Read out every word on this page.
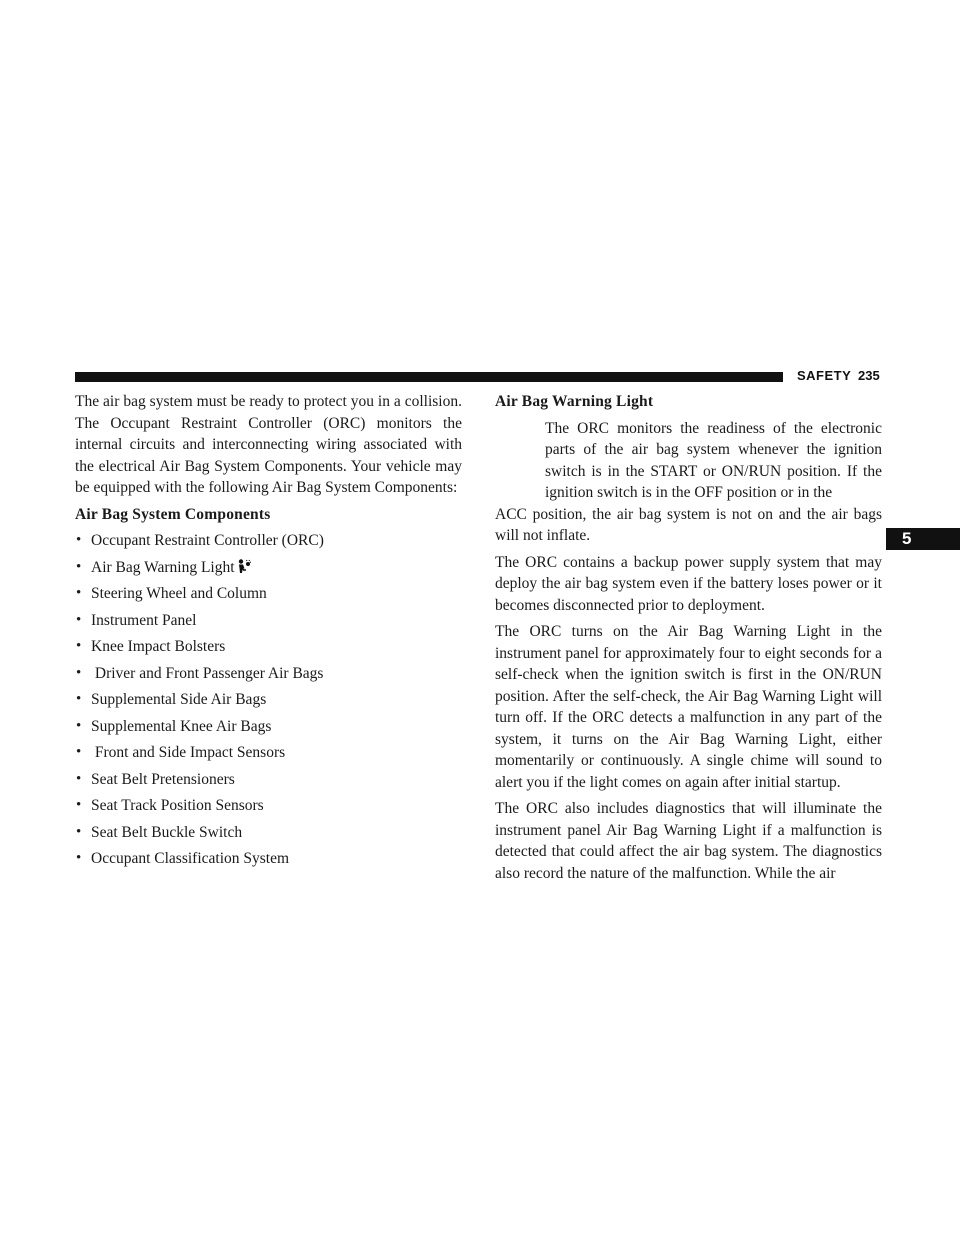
SAFETY 235
5

The air bag system must be ready to protect you in a collision. The Occupant Restraint Controller (ORC) monitors the internal circuits and interconnecting wiring associated with the electrical Air Bag System Components. Your vehicle may be equipped with the following Air Bag System Components:

Air Bag System Components
• Occupant Restraint Controller (ORC)
• Air Bag Warning Light
• Steering Wheel and Column
• Instrument Panel
• Knee Impact Bolsters
• Driver and Front Passenger Air Bags
• Supplemental Side Air Bags
• Supplemental Knee Air Bags
• Front and Side Impact Sensors
• Seat Belt Pretensioners
• Seat Track Position Sensors
• Seat Belt Buckle Switch
• Occupant Classification System
Air Bag Warning Light
The ORC monitors the readiness of the electronic parts of the air bag system whenever the ignition switch is in the START or ON/RUN position. If the ignition switch is in the OFF position or in the
ACC position, the air bag system is not on and the air bags will not inflate.

The ORC contains a backup power supply system that may deploy the air bag system even if the battery loses power or it becomes disconnected prior to deployment.

The ORC turns on the Air Bag Warning Light in the instrument panel for approximately four to eight seconds for a self-check when the ignition switch is first in the ON/RUN position. After the self-check, the Air Bag Warning Light will turn off. If the ORC detects a malfunction in any part of the system, it turns on the Air Bag Warning Light, either momentarily or continuously. A single chime will sound to alert you if the light comes on again after initial startup.

The ORC also includes diagnostics that will illuminate the instrument panel Air Bag Warning Light if a malfunction is detected that could affect the air bag system. The diagnostics also record the nature of the malfunction. While the air
